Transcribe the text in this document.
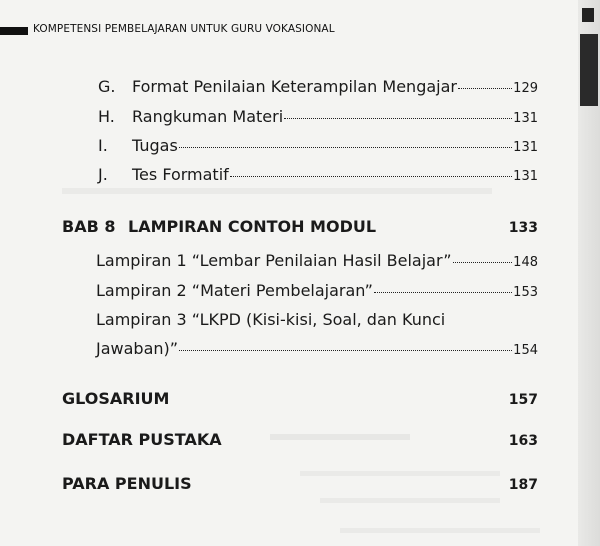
KOMPETENSI PEMBELAJARAN UNTUK GURU VOKASIONAL
G. Format Penilaian Keterampilan Mengajar	129
H. Rangkuman Materi	131
I. Tugas	131
J. Tes Formatif	131
BAB 8 LAMPIRAN CONTOH MODUL	133
Lampiran 1 “Lembar Penilaian Hasil Belajar”	148
Lampiran 2 “Materi Pembelajaran”	153
Lampiran 3 “LKPD (Kisi-kisi, Soal, dan Kunci
Jawaban)”	154
GLOSARIUM	157
DAFTAR PUSTAKA	163
PARA PENULIS	187
